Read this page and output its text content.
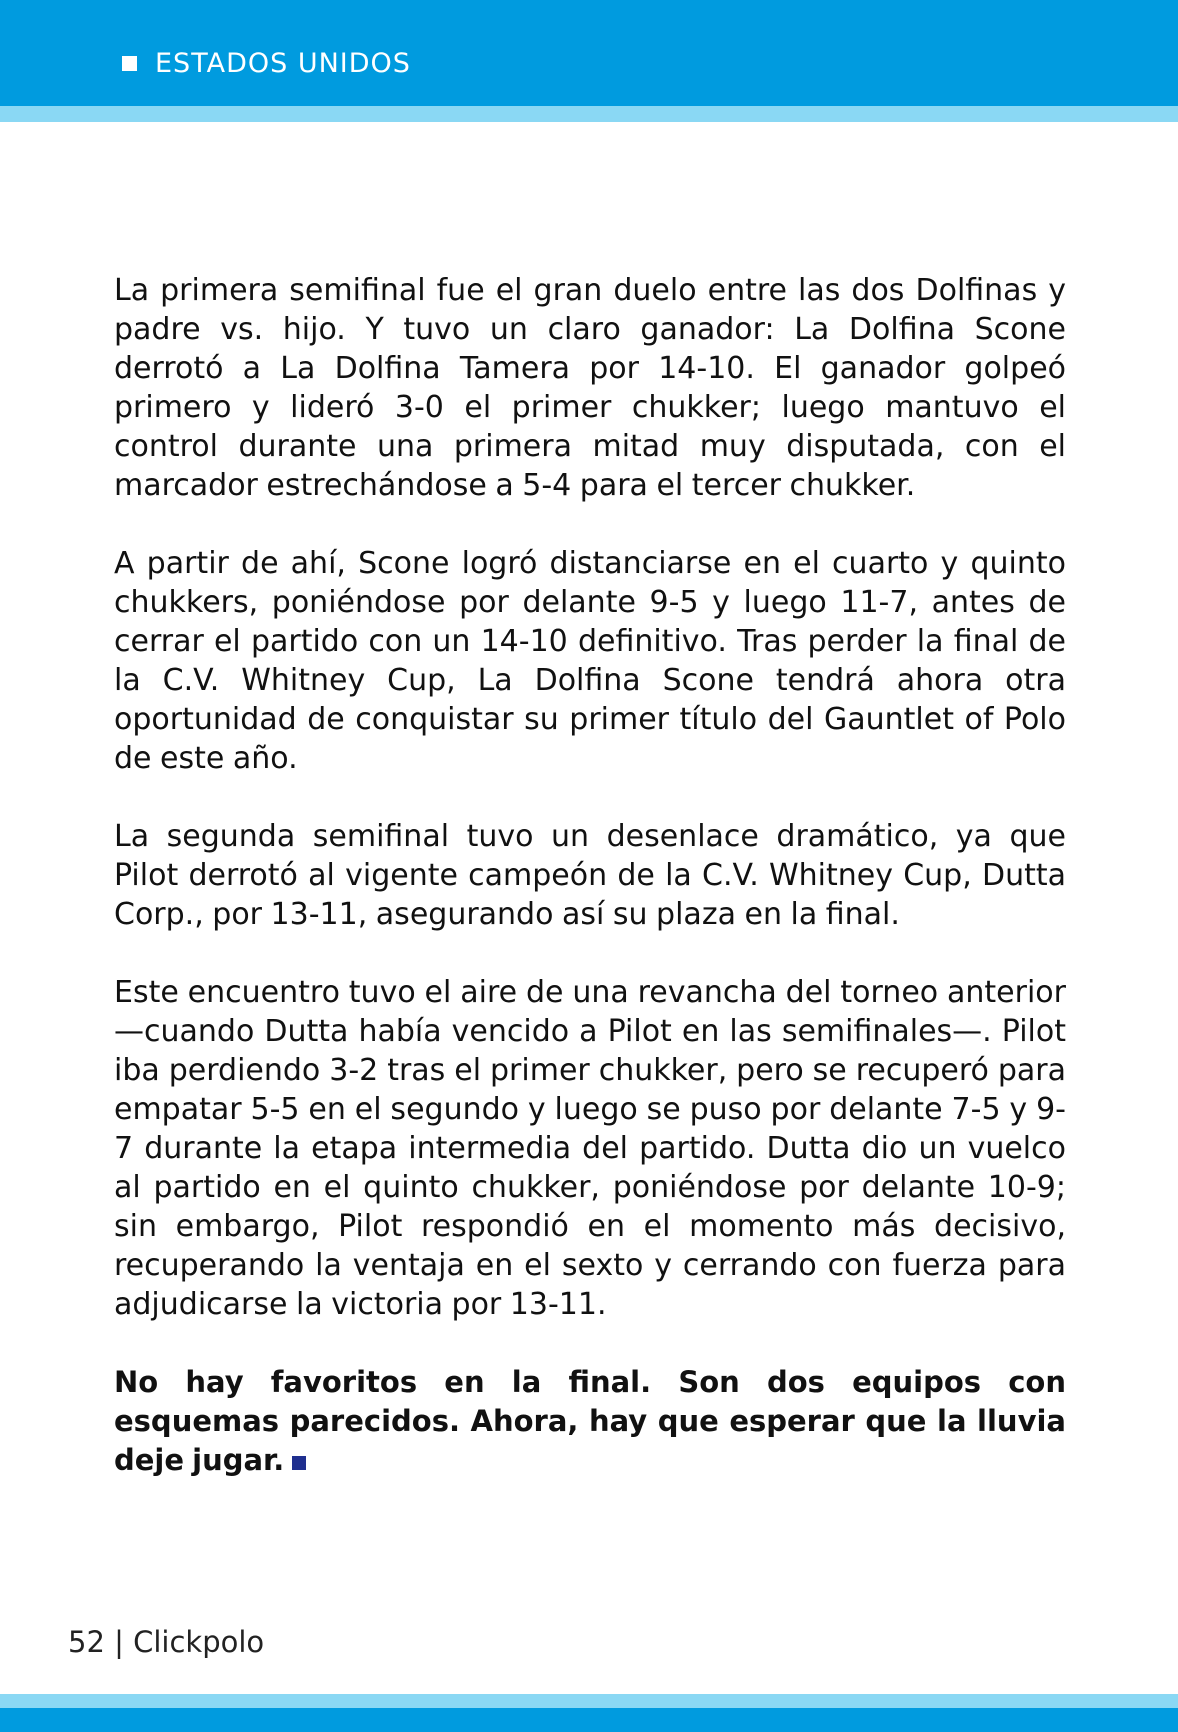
ESTADOS UNIDOS

La primera semifinal fue el gran duelo entre las dos Dolfinas y padre vs. hijo. Y tuvo un claro ganador: La Dolfina Scone derrotó a La Dolfina Tamera por 14-10. El ganador golpeó primero y lideró 3-0 el primer chukker; luego mantuvo el control durante una primera mitad muy disputada, con el marcador estrechándose a 5-4 para el tercer chukker.

A partir de ahí, Scone logró distanciarse en el cuarto y quinto chukkers, poniéndose por delante 9-5 y luego 11-7, antes de cerrar el partido con un 14-10 definitivo. Tras perder la final de la C.V. Whitney Cup, La Dolfina Scone tendrá ahora otra oportunidad de conquistar su primer título del Gauntlet of Polo de este año.

La segunda semifinal tuvo un desenlace dramático, ya que Pilot derrotó al vigente campeón de la C.V. Whitney Cup, Dutta Corp., por 13-11, asegurando así su plaza en la final.

Este encuentro tuvo el aire de una revancha del torneo anterior —cuando Dutta había vencido a Pilot en las semifinales—. Pilot iba perdiendo 3-2 tras el primer chukker, pero se recuperó para empatar 5-5 en el segundo y luego se puso por delante 7-5 y 9-7 durante la etapa intermedia del partido. Dutta dio un vuelco al partido en el quinto chukker, poniéndose por delante 10-9; sin embargo, Pilot respondió en el momento más decisivo, recuperando la ventaja en el sexto y cerrando con fuerza para adjudicarse la victoria por 13-11.

No hay favoritos en la final. Son dos equipos con esquemas parecidos. Ahora, hay que esperar que la lluvia deje jugar.

52 | Clickpolo
